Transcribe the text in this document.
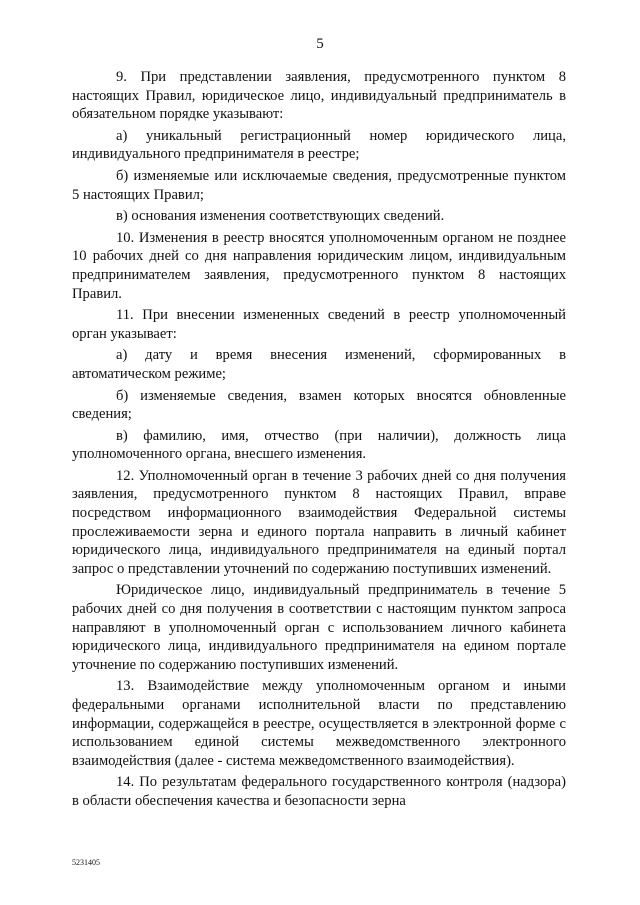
5

9. При представлении заявления, предусмотренного пунктом 8 настоящих Правил, юридическое лицо, индивидуальный предприниматель в обязательном порядке указывают:

а) уникальный регистрационный номер юридического лица, индивидуального предпринимателя в реестре;

б) изменяемые или исключаемые сведения, предусмотренные пунктом 5 настоящих Правил;

в) основания изменения соответствующих сведений.

10. Изменения в реестр вносятся уполномоченным органом не позднее 10 рабочих дней со дня направления юридическим лицом, индивидуальным предпринимателем заявления, предусмотренного пунктом 8 настоящих Правил.

11. При внесении измененных сведений в реестр уполномоченный орган указывает:

а) дату и время внесения изменений, сформированных в автоматическом режиме;

б) изменяемые сведения, взамен которых вносятся обновленные сведения;

в) фамилию, имя, отчество (при наличии), должность лица уполномоченного органа, внесшего изменения.

12. Уполномоченный орган в течение 3 рабочих дней со дня получения заявления, предусмотренного пунктом 8 настоящих Правил, вправе посредством информационного взаимодействия Федеральной системы прослеживаемости зерна и единого портала направить в личный кабинет юридического лица, индивидуального предпринимателя на единый портал запрос о представлении уточнений по содержанию поступивших изменений.

Юридическое лицо, индивидуальный предприниматель в течение 5 рабочих дней со дня получения в соответствии с настоящим пунктом запроса направляют в уполномоченный орган с использованием личного кабинета юридического лица, индивидуального предпринимателя на едином портале уточнение по содержанию поступивших изменений.

13. Взаимодействие между уполномоченным органом и иными федеральными органами исполнительной власти по представлению информации, содержащейся в реестре, осуществляется в электронной форме с использованием единой системы межведомственного электронного взаимодействия (далее - система межведомственного взаимодействия).

14. По результатам федерального государственного контроля (надзора) в области обеспечения качества и безопасности зерна

5231405
